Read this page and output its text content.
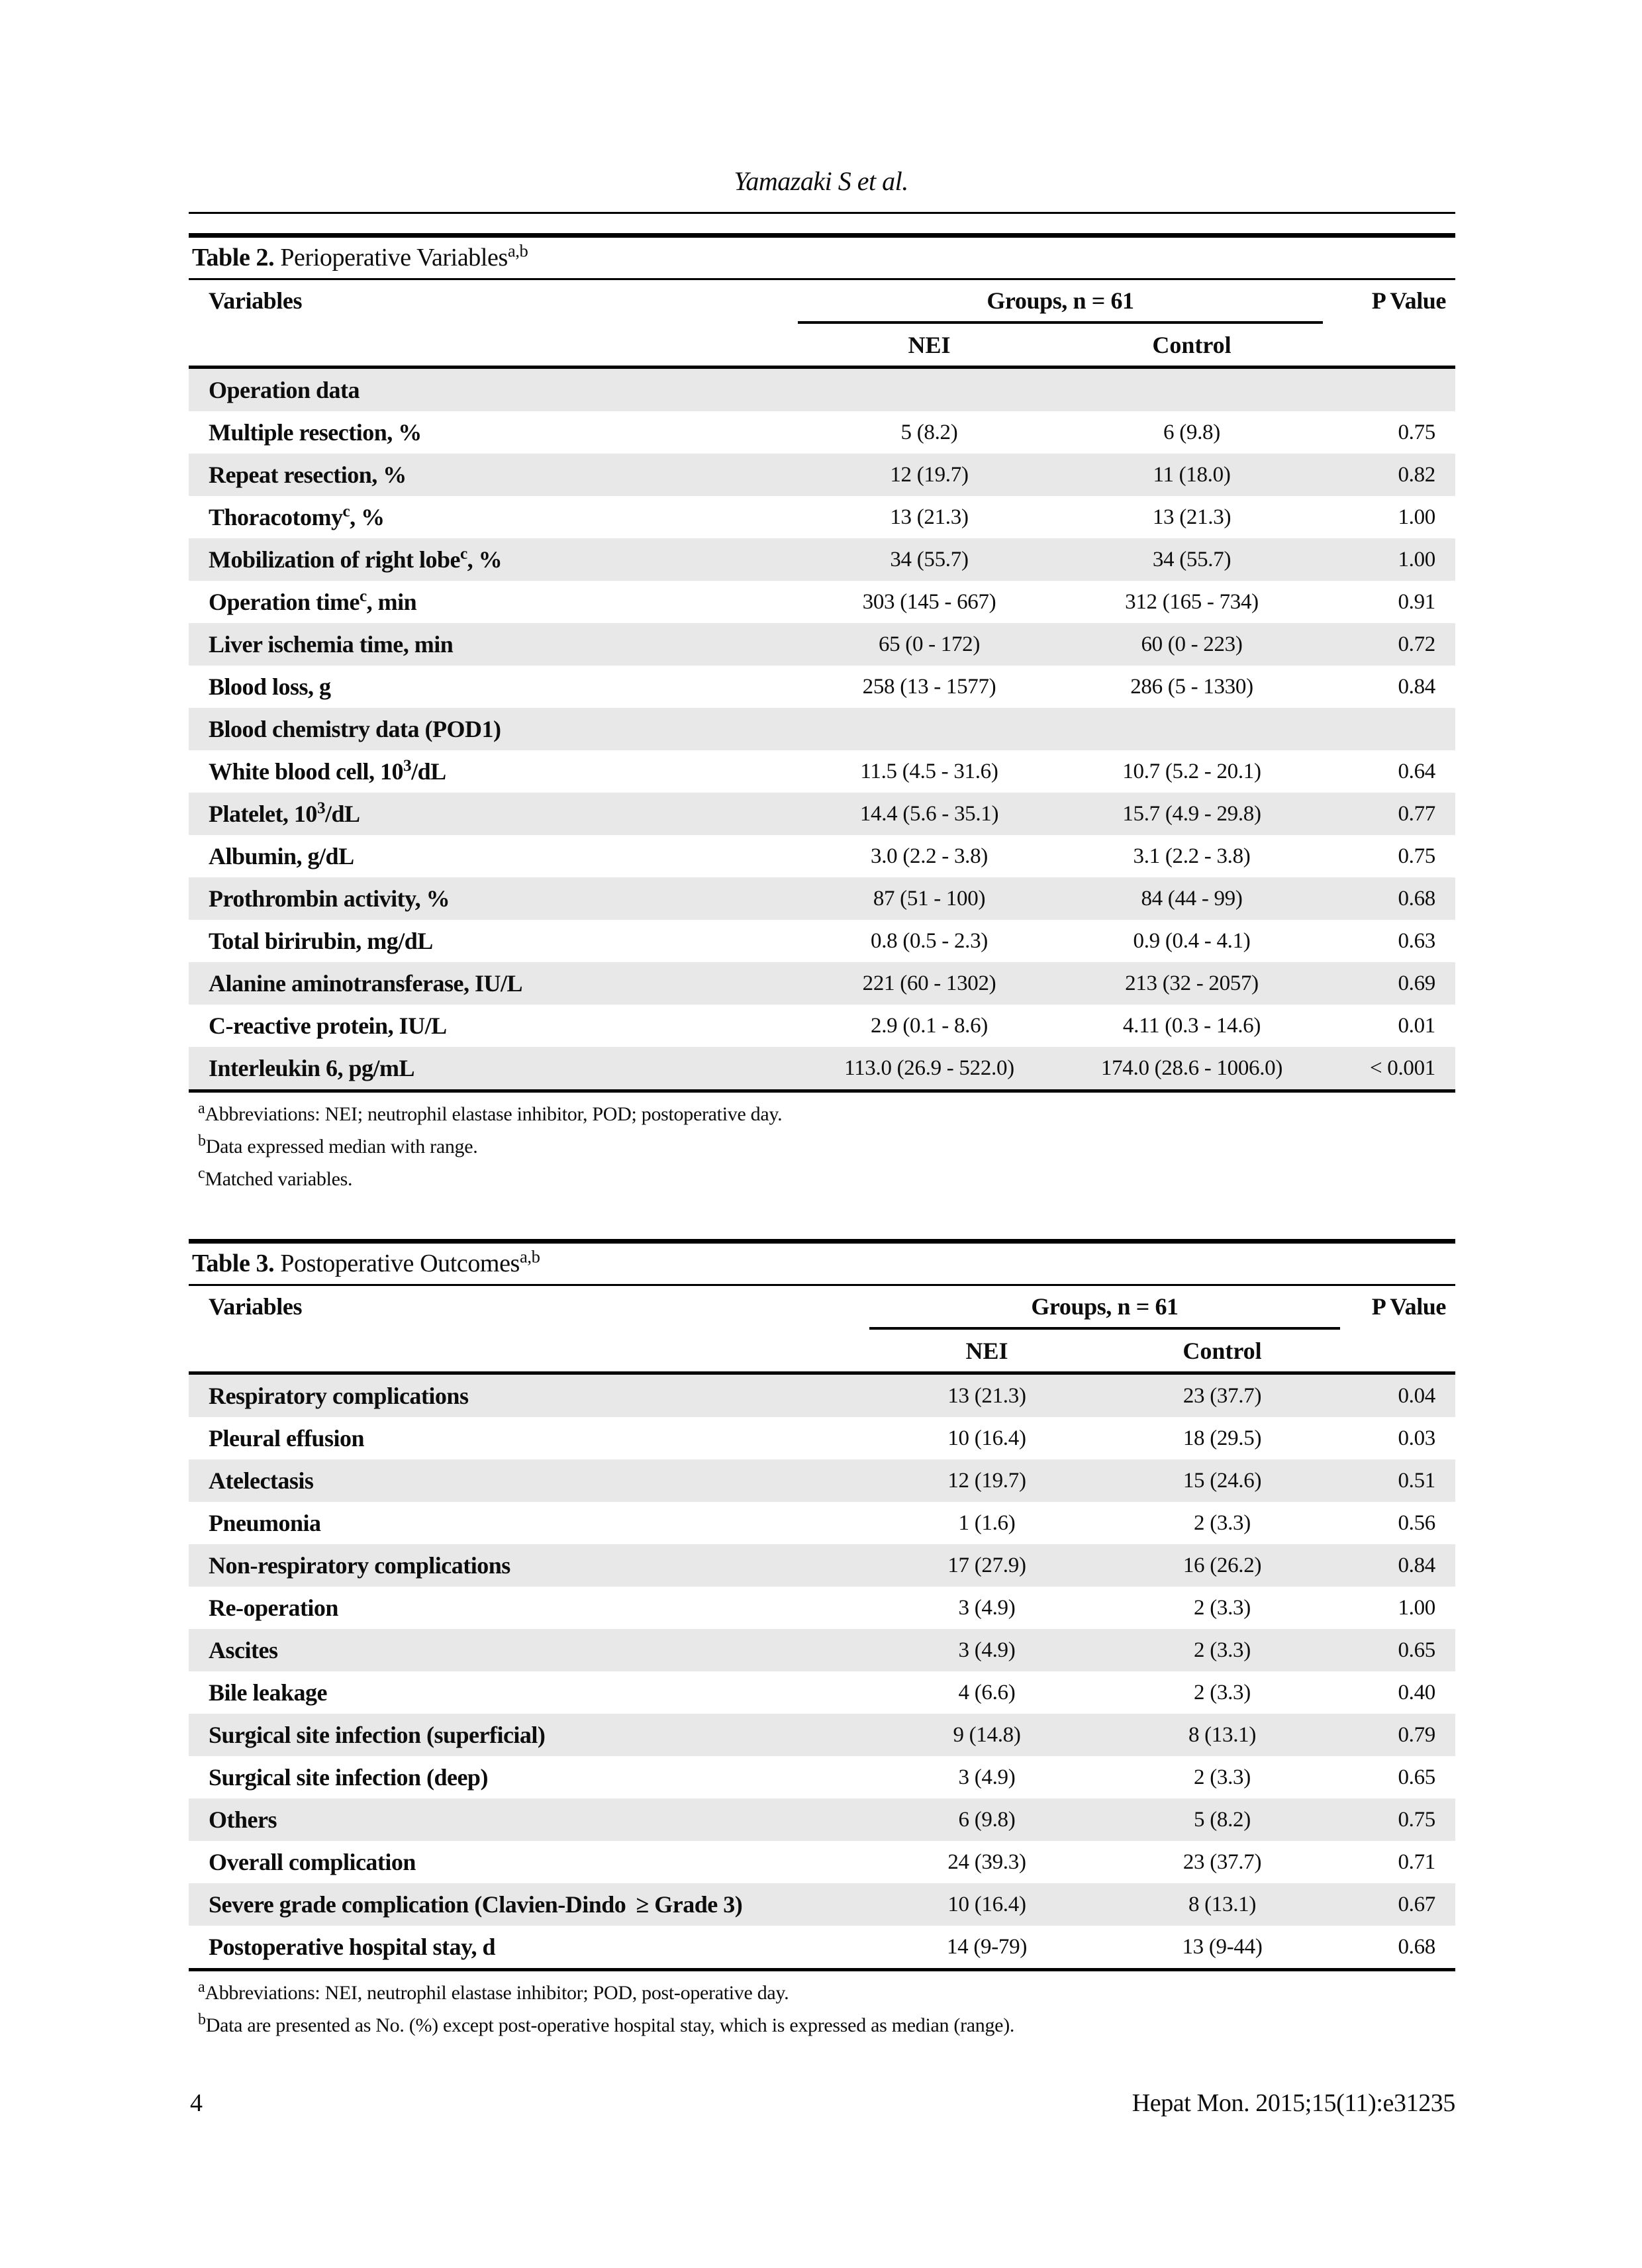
Yamazaki S et al.
Table 2. Perioperative Variables$^{a,b}$
Variables	Groups, n = 61	P Value
NEI	Control
Operation data
Multiple resection, %	5 (8.2)	6 (9.8)	0.75
Repeat resection, %	12 (19.7)	11 (18.0)	0.82
Thoracotomy$^c$, %	13 (21.3)	13 (21.3)	1.00
Mobilization of right lobe$^c$, %	34 (55.7)	34 (55.7)	1.00
Operation time$^c$, min	303 (145 - 667)	312 (165 - 734)	0.91
Liver ischemia time, min	65 (0 - 172)	60 (0 - 223)	0.72
Blood loss, g	258 (13 - 1577)	286 (5 - 1330)	0.84
Blood chemistry data (POD1)
White blood cell, $10^3/dL$	11.5 (4.5 - 31.6)	10.7 (5.2 - 20.1)	0.64
Platelet, $10^3/dL$	14.4 (5.6 - 35.1)	15.7 (4.9 - 29.8)	0.77
Albumin, g/dL	3.0 (2.2 - 3.8)	3.1 (2.2 - 3.8)	0.75
Prothrombin activity, %	87 (51 - 100)	84 (44 - 99)	0.68
Total birirubin, mg/dL	0.8 (0.5 - 2.3)	0.9 (0.4 - 4.1)	0.63
Alanine aminotransferase, IU/L	221 (60 - 1302)	213 (32 - 2057)	0.69
C-reactive protein, IU/L	2.9 (0.1 - 8.6)	4.11 (0.3 - 14.6)	0.01
Interleukin 6, pg/mL	113.0 (26.9 - 522.0)	174.0 (28.6 - 1006.0)	< 0.001
$^a$Abbreviations: NEI; neutrophil elastase inhibitor, POD; postoperative day.
$^b$Data expressed median with range.
$^c$Matched variables.
Table 3. Postoperative Outcomes$^{a,b}$
Variables	Groups, n = 61	P Value
NEI	Control
Respiratory complications	13 (21.3)	23 (37.7)	0.04
Pleural effusion	10 (16.4)	18 (29.5)	0.03
Atelectasis	12 (19.7)	15 (24.6)	0.51
Pneumonia	1 (1.6)	2 (3.3)	0.56
Non-respiratory complications	17 (27.9)	16 (26.2)	0.84
Re-operation	3 (4.9)	2 (3.3)	1.00
Ascites	3 (4.9)	2 (3.3)	0.65
Bile leakage	4 (6.6)	2 (3.3)	0.40
Surgical site infection (superficial)	9 (14.8)	8 (13.1)	0.79
Surgical site infection (deep)	3 (4.9)	2 (3.3)	0.65
Others	6 (9.8)	5 (8.2)	0.75
Overall complication	24 (39.3)	23 (37.7)	0.71
Severe grade complication (Clavien-Dindo  ≥ Grade 3)	10 (16.4)	8 (13.1)	0.67
Postoperative hospital stay, d	14 (9-79)	13 (9-44)	0.68
$^a$Abbreviations: NEI, neutrophil elastase inhibitor; POD, post-operative day.
$^b$Data are presented as No. (%) except post-operative hospital stay, which is expressed as median (range).
4	Hepat Mon. 2015;15(11):e31235
